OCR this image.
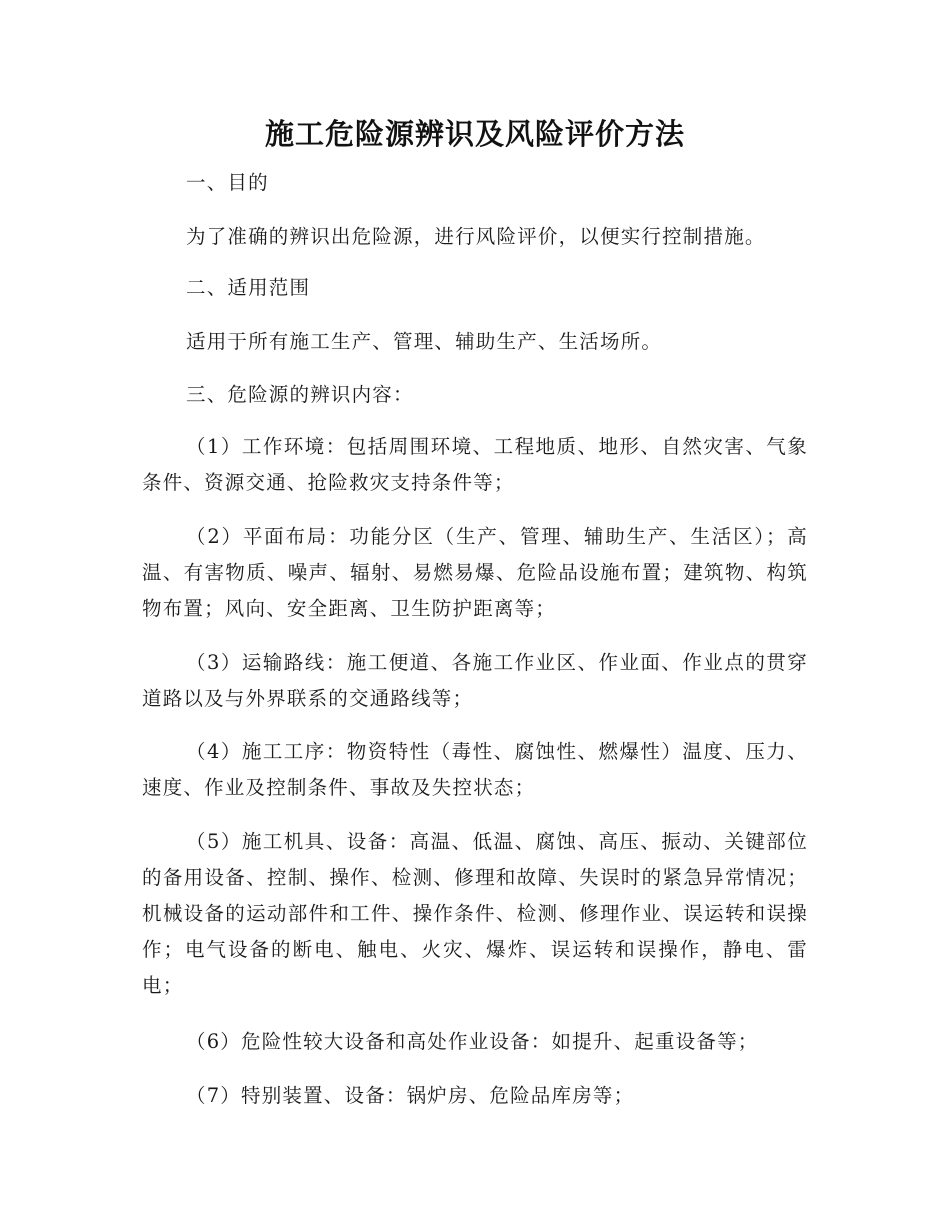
施工危险源辨识及风险评价方法
一、目的

为了准确的辨识出危险源，进行风险评价，以便实行控制措施。

二、适用范围

适用于所有施工生产、管理、辅助生产、生活场所。

三、危险源的辨识内容：

（1）工作环境：包括周围环境、工程地质、地形、自然灾害、气象条件、资源交通、抢险救灾支持条件等；

（2）平面布局：功能分区（生产、管理、辅助生产、生活区）；高温、有害物质、噪声、辐射、易燃易爆、危险品设施布置；建筑物、构筑物布置；风向、安全距离、卫生防护距离等；

（3）运输路线：施工便道、各施工作业区、作业面、作业点的贯穿道路以及与外界联系的交通路线等；

（4）施工工序：物资特性（毒性、腐蚀性、燃爆性）温度、压力、速度、作业及控制条件、事故及失控状态；

（5）施工机具、设备：高温、低温、腐蚀、高压、振动、关键部位的备用设备、控制、操作、检测、修理和故障、失误时的紧急异常情况；机械设备的运动部件和工件、操作条件、检测、修理作业、误运转和误操作；电气设备的断电、触电、火灾、爆炸、误运转和误操作，静电、雷电；

（6）危险性较大设备和高处作业设备：如提升、起重设备等；

（7）特别装置、设备：锅炉房、危险品库房等；
